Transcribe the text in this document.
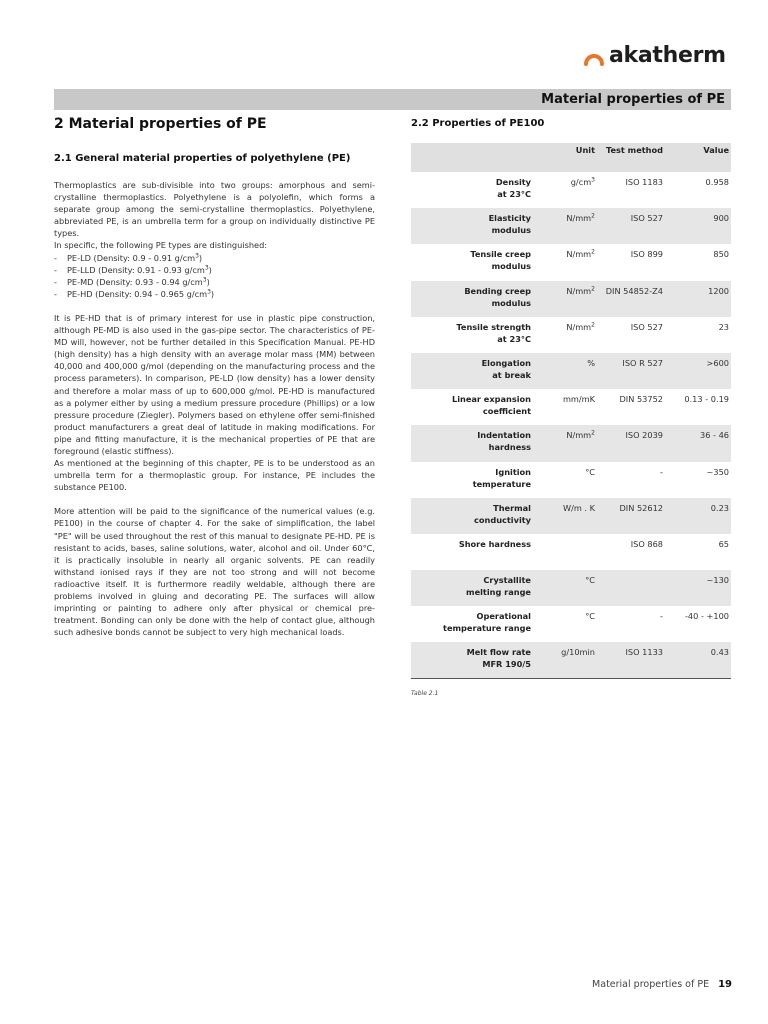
akatherm
Material properties of PE
2 Material properties of PE
2.1 General material properties of polyethylene (PE)

Thermoplastics are sub-divisible into two groups: amorphous and semi-crystalline thermoplastics. Polyethylene is a polyolefin, which forms a separate group among the semi-crystalline thermoplastics. Polyethylene, abbreviated PE, is an umbrella term for a group on individually distinctive PE types.

In specific, the following PE types are distinguished:

- PE-LD (Density: 0.9 - 0.91 $g/cm^3$)
- PE-LLD (Density: 0.91 - 0.93 $g/cm^3$)
- PE-MD (Density: 0.93 - 0.94 $g/cm^3$)
- PE-HD (Density: 0.94 - 0.965 $g/cm^3$)

It is PE-HD that is of primary interest for use in plastic pipe construction, although PE-MD is also used in the gas-pipe sector. The characteristics of PE-MD will, however, not be further detailed in this Specification Manual. PE-HD (high density) has a high density with an average molar mass (MM) between 40,000 and 400,000 g/mol (depending on the manufacturing process and the process parameters). In comparison, PE-LD (low density) has a lower density and therefore a molar mass of up to 600,000 g/mol. PE-HD is manufactured as a polymer either by using a medium pressure procedure (Phillips) or a low pressure procedure (Ziegler). Polymers based on ethylene offer semi-finished product manufacturers a great deal of latitude in making modifications. For pipe and fitting manufacture, it is the mechanical properties of PE that are foreground (elastic stiffness).

As mentioned at the beginning of this chapter, PE is to be understood as an umbrella term for a thermoplastic group. For instance, PE includes the substance PE100.

More attention will be paid to the significance of the numerical values (e.g. PE100) in the course of chapter 4. For the sake of simplification, the label "PE" will be used throughout the rest of this manual to designate PE-HD. PE is resistant to acids, bases, saline solutions, water, alcohol and oil. Under 60°C, it is practically insoluble in nearly all organic solvents. PE can readily withstand ionised rays if they are not too strong and will not become radioactive itself. It is furthermore readily weldable, although there are problems involved in gluing and decorating PE. The surfaces will allow imprinting or painting to adhere only after physical or chemical pre-treatment. Bonding can only be done with the help of contact glue, although such adhesive bonds cannot be subject to very high mechanical loads.

2.2 Properties of PE100
	Unit	Test method	Value

Density
at 23°C	$g/cm^3$	ISO 1183	0.958

Elasticity
modulus	$N/mm^2$	ISO 527	900

Tensile creep
modulus	$N/mm^2$	ISO 899	850

Bending creep
modulus	$N/mm^2$	DIN 54852-Z4	1200

Tensile strength
at 23°C	$N/mm^2$	ISO 527	23

Elongation
at break	%	ISO R 527	>600

Linear expansion
coefficient	mm/mK	DIN 53752	0.13 - 0.19

Indentation
hardness	$N/mm^2$	ISO 2039	36 - 46

Ignition
temperature	°C	-	~350

Thermal
conductivity	W/m . K	DIN 52612	0.23

Shore hardness		ISO 868	65

Crystallite
melting range	°C		~130

Operational
temperature range	°C	-	-40 - +100

Melt flow rate
MFR 190/5	g/10min	ISO 1133	0.43
Table 2.1
Material properties of PE 19
